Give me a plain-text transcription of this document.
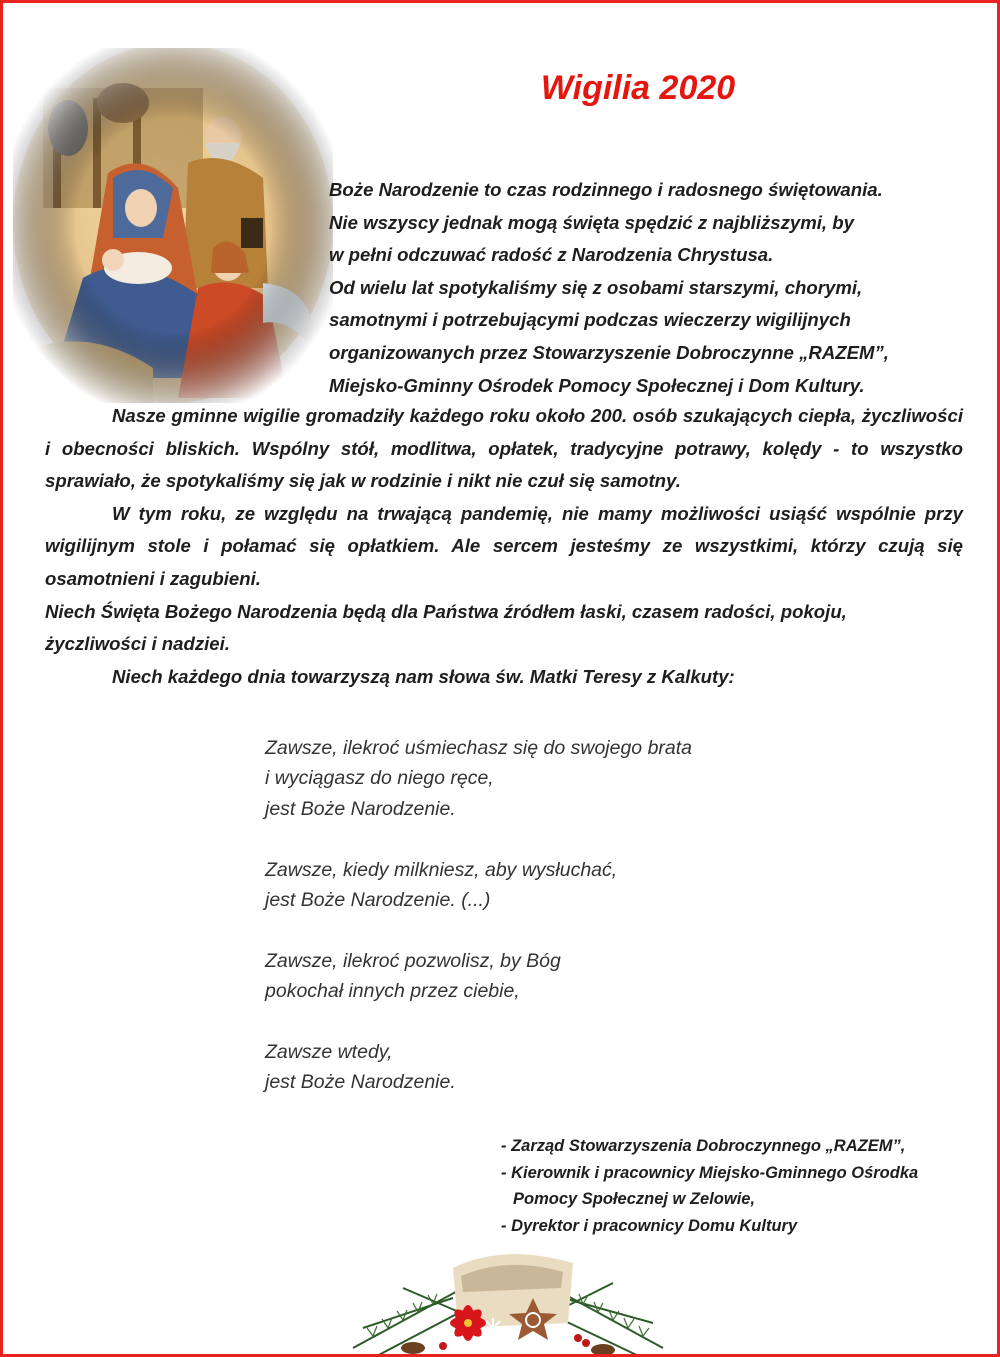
Wigilia 2020
Boże Narodzenie to czas rodzinnego i radosnego świętowania.
Nie wszyscy jednak mogą święta spędzić z najbliższymi, by
w pełni odczuwać radość z Narodzenia Chrystusa.
Od wielu lat spotykaliśmy się z osobami starszymi, chorymi,
samotnymi i potrzebującymi podczas wieczerzy wigilijnych
organizowanych przez Stowarzyszenie Dobroczynne „RAZEM”,
Miejsko-Gminny Ośrodek Pomocy Społecznej i Dom Kultury.

Nasze gminne wigilie gromadziły każdego roku około 200. osób szukających ciepła, życzliwości i obecności bliskich. Wspólny stół, modlitwa, opłatek, tradycyjne potrawy, kolędy - to wszystko sprawiało, że spotykaliśmy się jak w rodzinie i nikt nie czuł się samotny.

W tym roku, ze względu na trwającą pandemię, nie mamy możliwości usiąść wspólnie przy wigilijnym stole i połamać się opłatkiem. Ale sercem jesteśmy ze wszystkimi, którzy czują się osamotnieni i zagubieni.

Niech Święta Bożego Narodzenia będą dla Państwa źródłem łaski, czasem radości, pokoju,
życzliwości i nadziei.

Niech każdego dnia towarzyszą nam słowa św. Matki Teresy z Kalkuty:

Zawsze, ilekroć uśmiechasz się do swojego brata
i wyciągasz do niego ręce,
jest Boże Narodzenie.
Zawsze, kiedy milkniesz, aby wysłuchać,
jest Boże Narodzenie. (...)
Zawsze, ilekroć pozwolisz, by Bóg
pokochał innych przez ciebie,
Zawsze wtedy,
jest Boże Narodzenie.
- Zarząd Stowarzyszenia Dobroczynnego „RAZEM”,
- Kierownik i pracownicy Miejsko-Gminnego Ośrodka
Pomocy Społecznej w Zelowie,
- Dyrektor i pracownicy Domu Kultury
